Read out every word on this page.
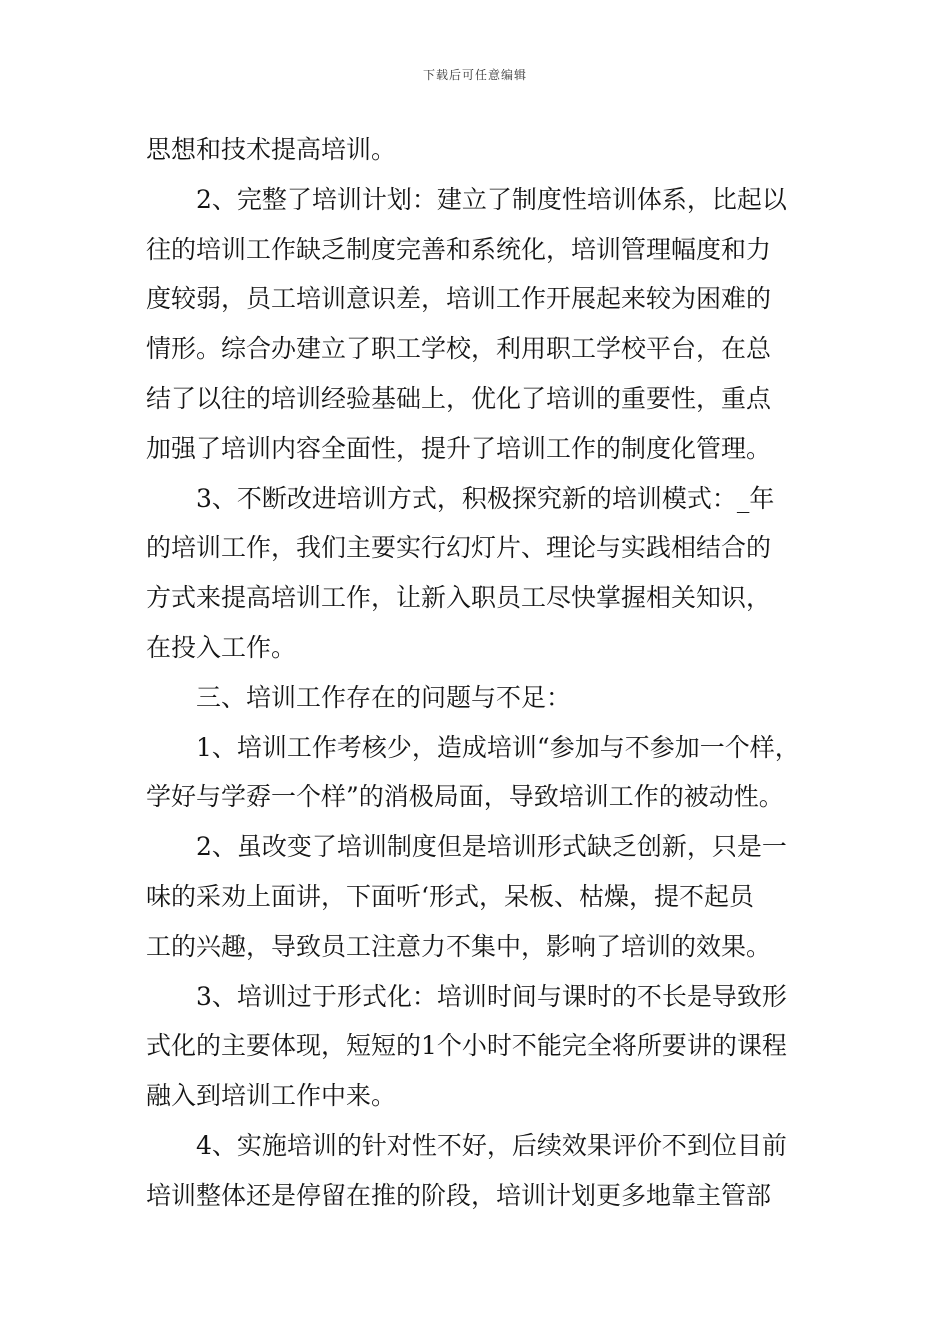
下载后可任意编辑
思想和技术提高培训。
2、完整了培训计划：建立了制度性培训体系，比起以
往的培训工作缺乏制度完善和系统化，培训管理幅度和力
度较弱，员工培训意识差，培训工作开展起来较为困难的
情形。综合办建立了职工学校，利用职工学校平台，在总
结了以往的培训经验基础上，优化了培训的重要性，重点
加强了培训内容全面性，提升了培训工作的制度化管理。
3、不断改进培训方式，积极探究新的培训模式：_年
的培训工作，我们主要实行幻灯片、理论与实践相结合的
方式来提高培训工作，让新入职员工尽快掌握相关知识，
在投入工作。
三、培训工作存在的问题与不足：
1、培训工作考核少，造成培训“参加与不参加一个样，
学好与学孬一个样”的消极局面，导致培训工作的被动性。
2、虽改变了培训制度但是培训形式缺乏创新，只是一
味的采劝上面讲，下面听‘形式，呆板、枯燥，提不起员
工的兴趣，导致员工注意力不集中，影响了培训的效果。
3、培训过于形式化：培训时间与课时的不长是导致形
式化的主要体现，短短的1个小时不能完全将所要讲的课程
融入到培训工作中来。
4、实施培训的针对性不好，后续效果评价不到位目前
培训整体还是停留在推的阶段，培训计划更多地靠主管部
